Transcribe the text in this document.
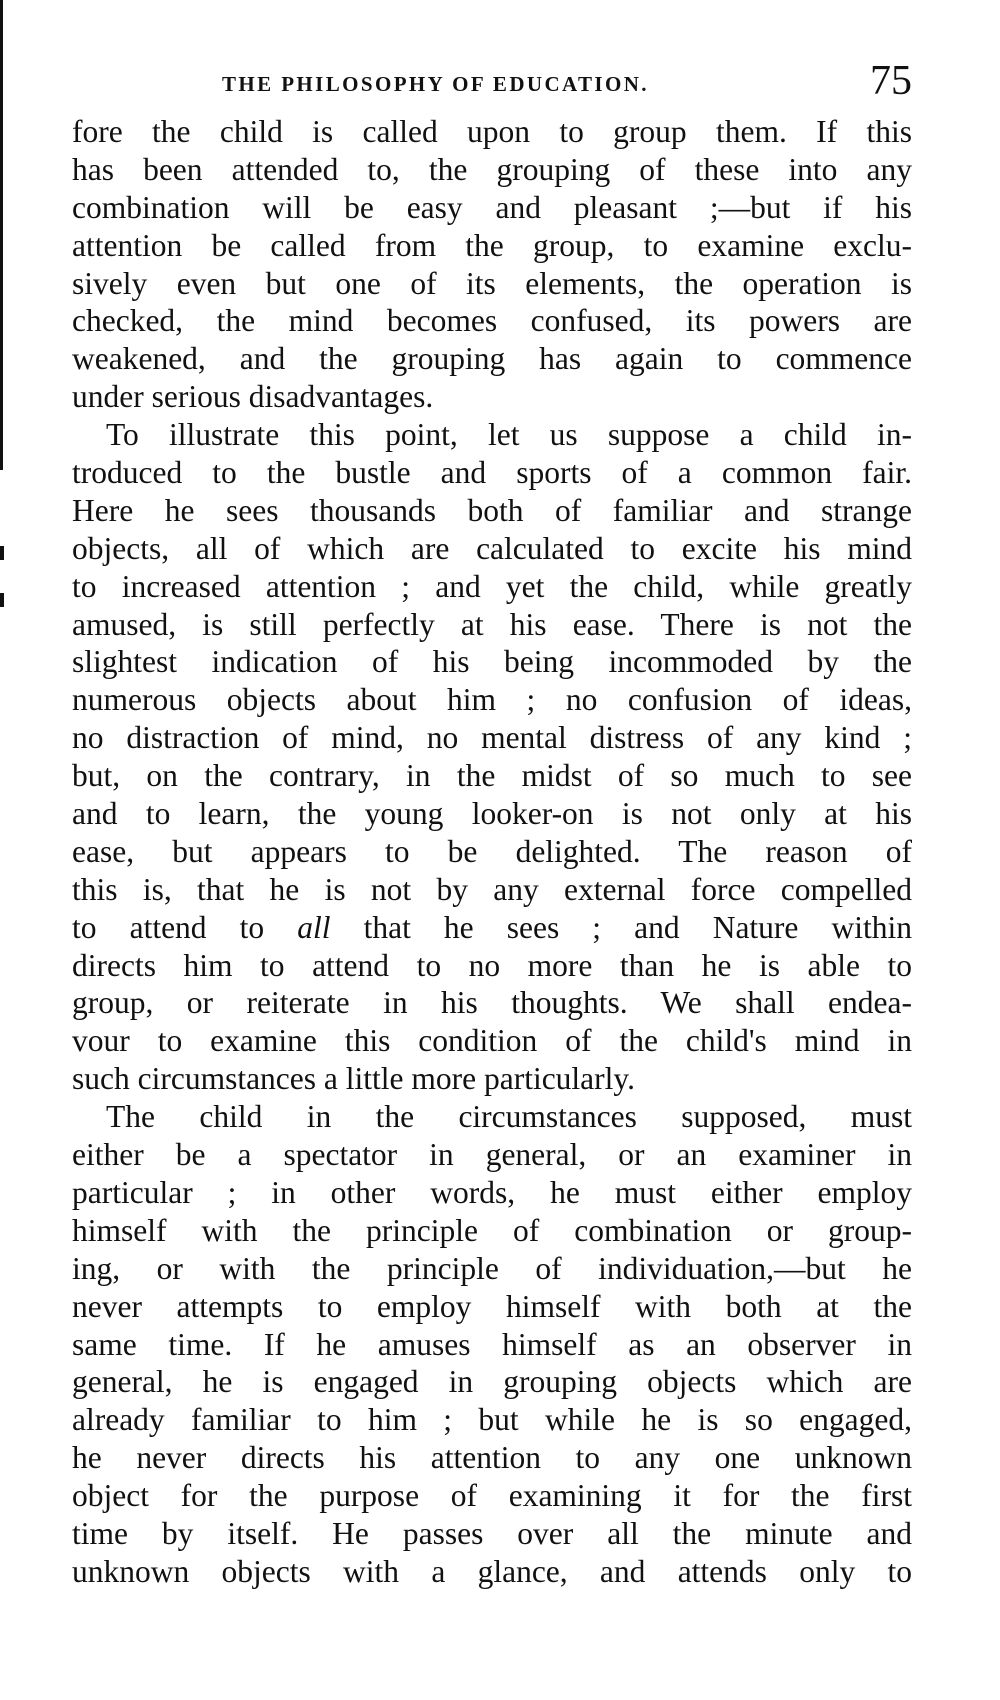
THE PHILOSOPHY OF EDUCATION.	75
fore the child is called upon to group them. If this
has been attended to, the grouping of these into any
combination will be easy and pleasant ;—but if his
attention be called from the group, to examine exclu-
sively even but one of its elements, the operation is
checked, the mind becomes confused, its powers are
weakened, and the grouping has again to commence
under serious disadvantages.
To illustrate this point, let us suppose a child in-
troduced to the bustle and sports of a common fair.
Here he sees thousands both of familiar and strange
objects, all of which are calculated to excite his mind
to increased attention ; and yet the child, while greatly
amused, is still perfectly at his ease. There is not the
slightest indication of his being incommoded by the
numerous objects about him ; no confusion of ideas,
no distraction of mind, no mental distress of any kind ;
but, on the contrary, in the midst of so much to see
and to learn, the young looker-on is not only at his
ease, but appears to be delighted. The reason of
this is, that he is not by any external force compelled
to attend to all that he sees ; and Nature within
directs him to attend to no more than he is able to
group, or reiterate in his thoughts. We shall endea-
vour to examine this condition of the child's mind in
such circumstances a little more particularly.
The child in the circumstances supposed, must
either be a spectator in general, or an examiner in
particular ; in other words, he must either employ
himself with the principle of combination or group-
ing, or with the principle of individuation,—but he
never attempts to employ himself with both at the
same time. If he amuses himself as an observer in
general, he is engaged in grouping objects which are
already familiar to him ; but while he is so engaged,
he never directs his attention to any one unknown
object for the purpose of examining it for the first
time by itself. He passes over all the minute and
unknown objects with a glance, and attends only to
